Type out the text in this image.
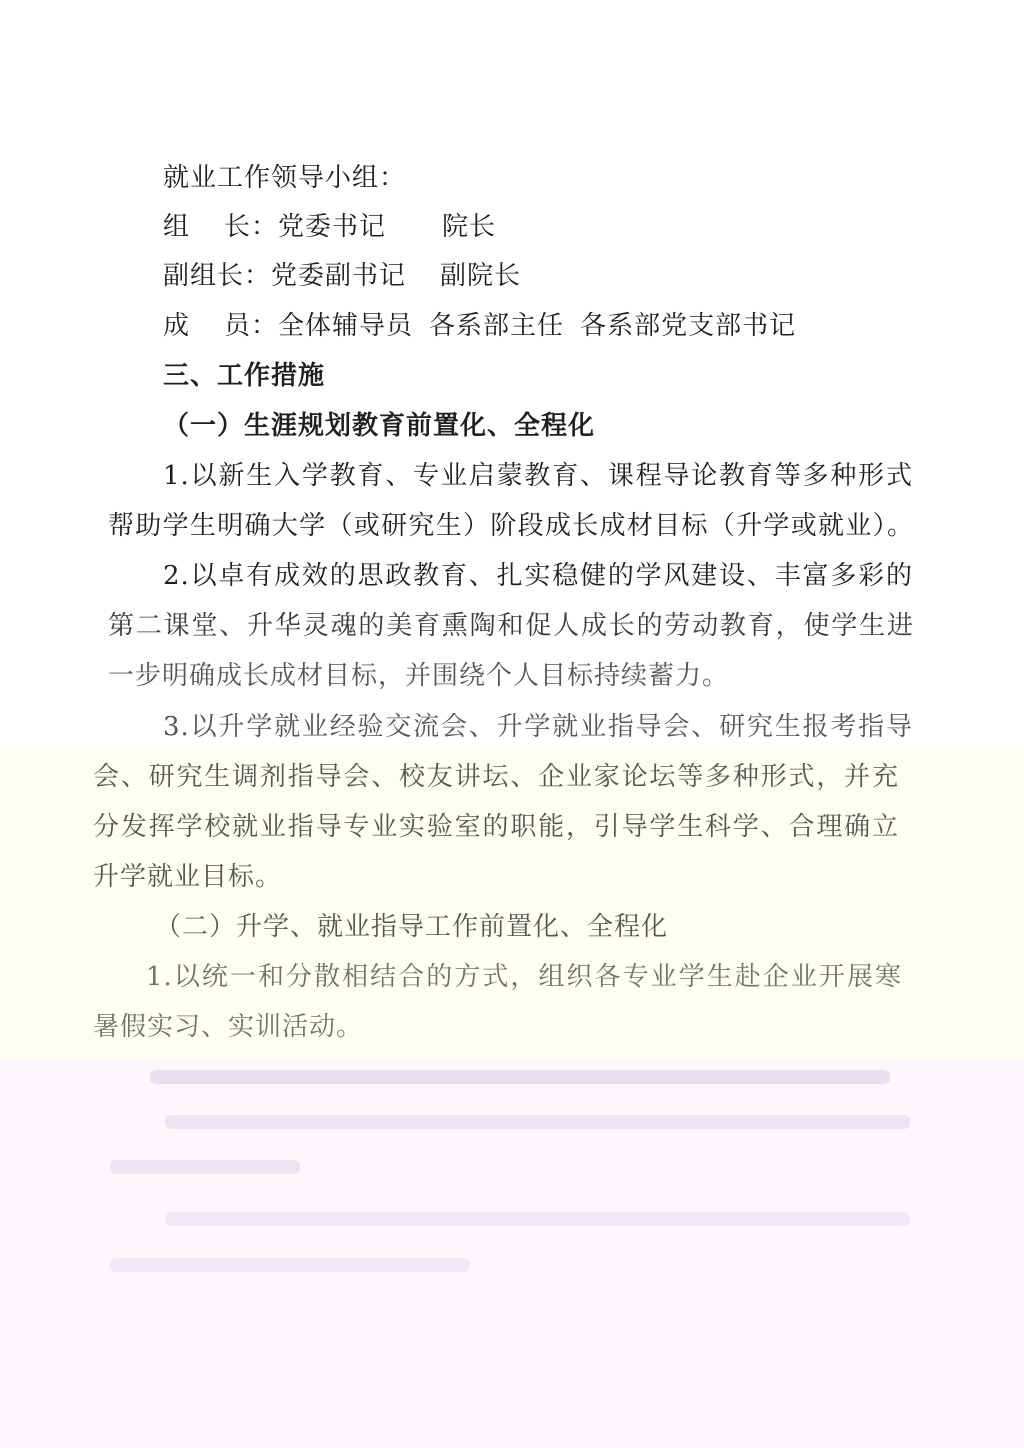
就业工作领导小组：
组 长：党委书记 院长
副组长：党委副书记 副院长
成 员：全体辅导员 各系部主任 各系部党支部书记
三、工作措施
（一）生涯规划教育前置化、全程化
1.以新生入学教育、专业启蒙教育、课程导论教育等多种形式
帮助学生明确大学（或研究生）阶段成长成材目标（升学或就业）。
2.以卓有成效的思政教育、扎实稳健的学风建设、丰富多彩的
第二课堂、升华灵魂的美育熏陶和促人成长的劳动教育，使学生进
一步明确成长成材目标，并围绕个人目标持续蓄力。
3.以升学就业经验交流会、升学就业指导会、研究生报考指导
会、研究生调剂指导会、校友讲坛、企业家论坛等多种形式，并充
分发挥学校就业指导专业实验室的职能，引导学生科学、合理确立
升学就业目标。
（二）升学、就业指导工作前置化、全程化
1.以统一和分散相结合的方式，组织各专业学生赴企业开展寒
暑假实习、实训活动。
